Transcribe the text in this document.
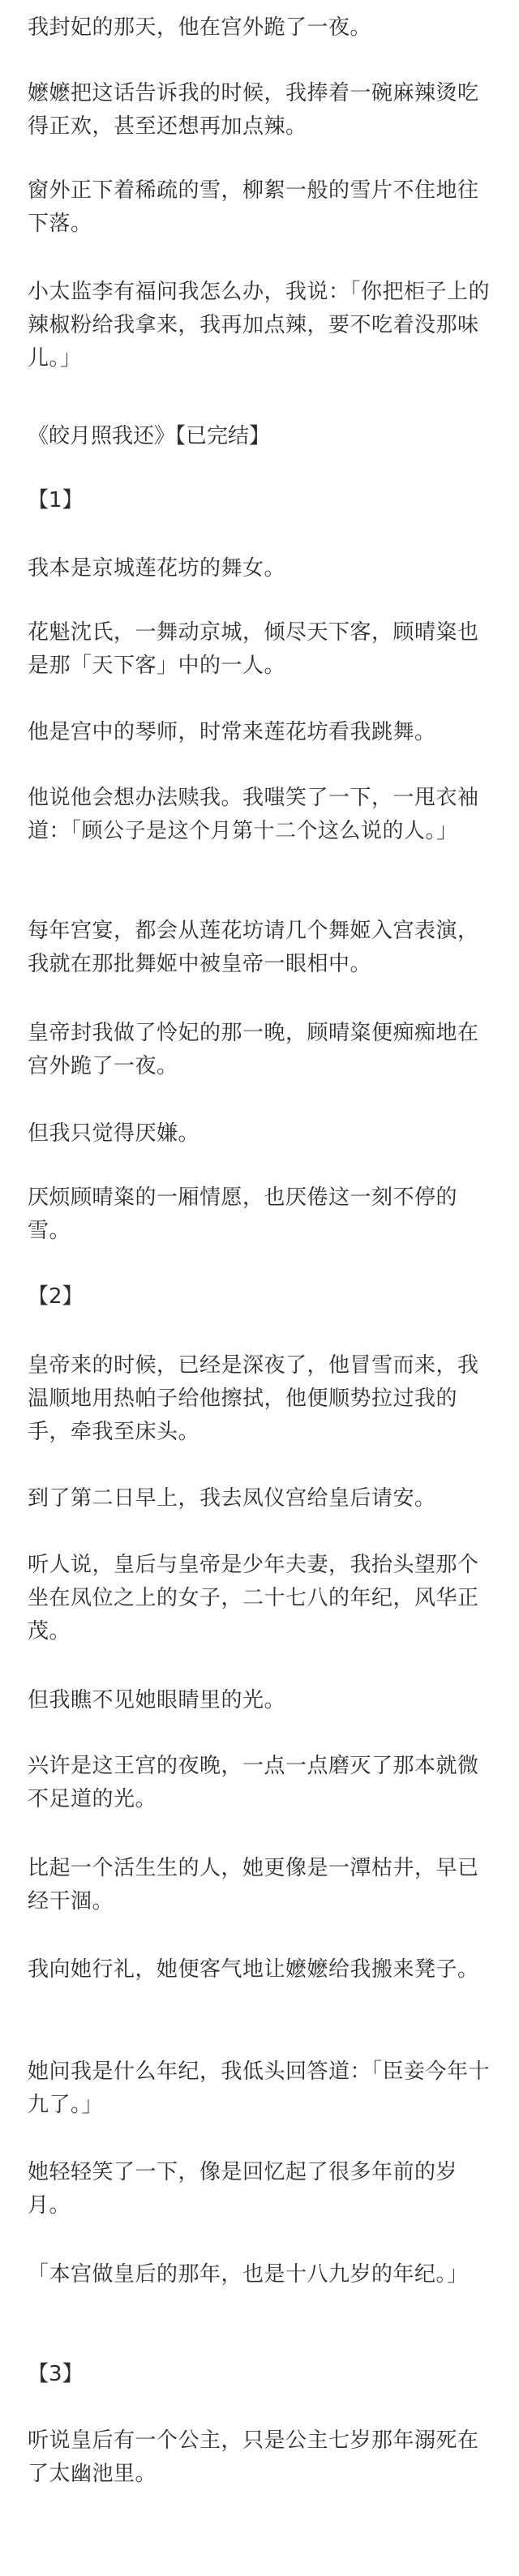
我封妃的那天，他在宫外跪了一夜。

嬷嬷把这话告诉我的时候，我捧着一碗麻辣烫吃得正欢，甚至还想再加点辣。

窗外正下着稀疏的雪，柳絮一般的雪片不住地往下落。

小太监李有福问我怎么办，我说：「你把柜子上的辣椒粉给我拿来，我再加点辣，要不吃着没那味儿。」

《皎月照我还》【已完结】

【1】

我本是京城莲花坊的舞女。

花魁沈氏，一舞动京城，倾尽天下客，顾晴粢也是那「天下客」中的一人。

他是宫中的琴师，时常来莲花坊看我跳舞。

他说他会想办法赎我。我嗤笑了一下，一甩衣袖道：「顾公子是这个月第十二个这么说的人。」

每年宫宴，都会从莲花坊请几个舞姬入宫表演，我就在那批舞姬中被皇帝一眼相中。

皇帝封我做了怜妃的那一晚，顾晴粢便痴痴地在宫外跪了一夜。

但我只觉得厌嫌。

厌烦顾晴粢的一厢情愿，也厌倦这一刻不停的雪。

【2】

皇帝来的时候，已经是深夜了，他冒雪而来，我温顺地用热帕子给他擦拭，他便顺势拉过我的手，牵我至床头。

到了第二日早上，我去凤仪宫给皇后请安。

听人说，皇后与皇帝是少年夫妻，我抬头望那个坐在凤位之上的女子，二十七八的年纪，风华正茂。

但我瞧不见她眼睛里的光。

兴许是这王宫的夜晚，一点一点磨灭了那本就微不足道的光。

比起一个活生生的人，她更像是一潭枯井，早已经干涸。

我向她行礼，她便客气地让嬷嬷给我搬来凳子。

她问我是什么年纪，我低头回答道：「臣妾今年十九了。」

她轻轻笑了一下，像是回忆起了很多年前的岁月。

「本宫做皇后的那年，也是十八九岁的年纪。」

【3】

听说皇后有一个公主，只是公主七岁那年溺死在了太幽池里。
